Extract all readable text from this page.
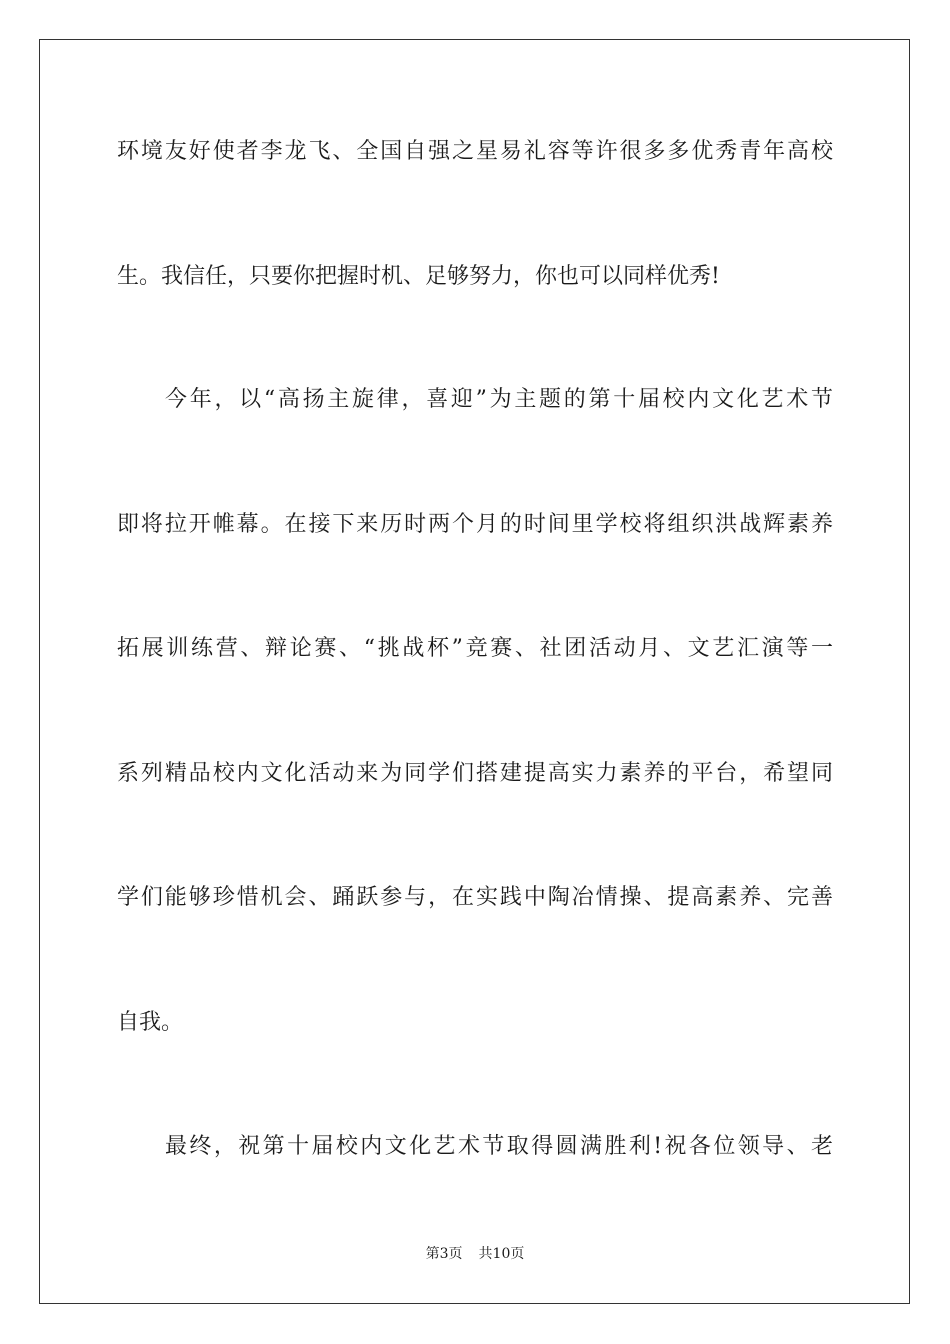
环境友好使者李龙飞、全国自强之星易礼容等许很多多优秀青年高校
生。我信任，只要你把握时机、足够努力，你也可以同样优秀!
今年，以“高扬主旋律，喜迎”为主题的第十届校内文化艺术节
即将拉开帷幕。在接下来历时两个月的时间里学校将组织洪战辉素养
拓展训练营、辩论赛、“挑战杯”竞赛、社团活动月、文艺汇演等一
系列精品校内文化活动来为同学们搭建提高实力素养的平台，希望同
学们能够珍惜机会、踊跃参与，在实践中陶冶情操、提高素养、完善
自我。
最终，祝第十届校内文化艺术节取得圆满胜利!祝各位领导、老
第3页 共10页
